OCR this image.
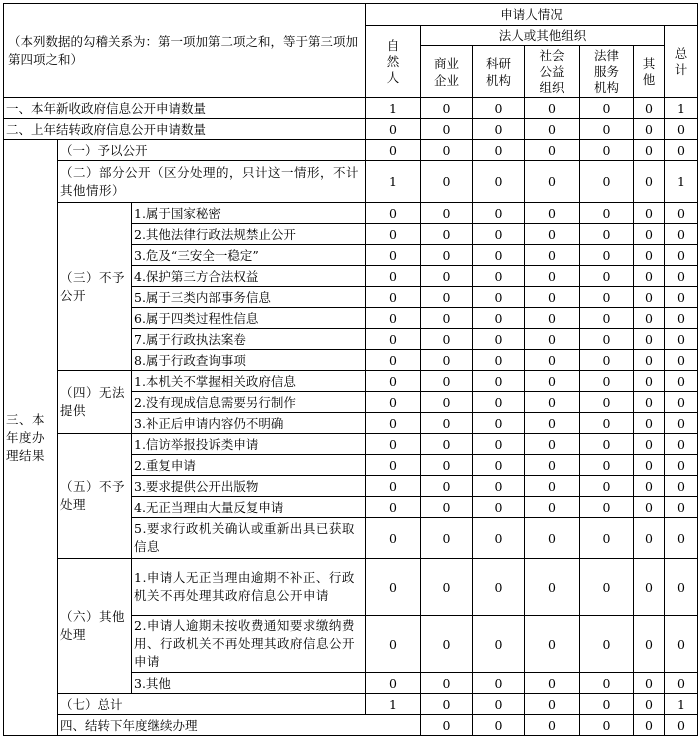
（本列数据的勾稽关系为：第一项加第二项之和，等于第三项加第四项之和）			申请人情况							

			自然人	法人或其他组织					总计	

				商业企业	科研机构	社会公益组织	法律服务机构	其他		

一、本年新收政府信息公开申请数量			1	0	0	0	0	0	1	
二、上年结转政府信息公开申请数量			0	0	0	0	0	0	0	
三、本年度办理结果	（一）予以公开		0	0	0	0	0	0	0	
	（二）部分公开（区分处理的，只计这一情形，不计其他情形）		1	0	0	0	0	0	1	
	（三）不予公开	1.属于国家秘密	0	0	0	0	0	0	0	
		2.其他法律行政法规禁止公开	0	0	0	0	0	0	0	
		3.危及“三安全一稳定”	0	0	0	0	0	0	0	
		4.保护第三方合法权益	0	0	0	0	0	0	0	
		5.属于三类内部事务信息	0	0	0	0	0	0	0	
		6.属于四类过程性信息	0	0	0	0	0	0	0	
		7.属于行政执法案卷	0	0	0	0	0	0	0	
		8.属于行政查询事项	0	0	0	0	0	0	0	
	（四）无法提供	1.本机关不掌握相关政府信息	0	0	0	0	0	0	0	
		2.没有现成信息需要另行制作	0	0	0	0	0	0	0	
		3.补正后申请内容仍不明确	0	0	0	0	0	0	0	
	（五）不予处理	1.信访举报投诉类申请	0	0	0	0	0	0	0	
		2.重复申请	0	0	0	0	0	0	0	
		3.要求提供公开出版物	0	0	0	0	0	0	0	
		4.无正当理由大量反复申请	0	0	0	0	0	0	0	
		5.要求行政机关确认或重新出具已获取信息	0	0	0	0	0	0	0	
	（六）其他处理	1.申请人无正当理由逾期不补正、行政机关不再处理其政府信息公开申请	0	0	0	0	0	0	0	
		2.申请人逾期未按收费通知要求缴纳费用、行政机关不再处理其政府信息公开申请	0	0	0	0	0	0	0	
		3.其他	0	0	0	0	0	0	0	
	（七）总计		1	0	0	0	0	0	1	
	四、结转下年度继续办理			0	0	0	0	0	0	
